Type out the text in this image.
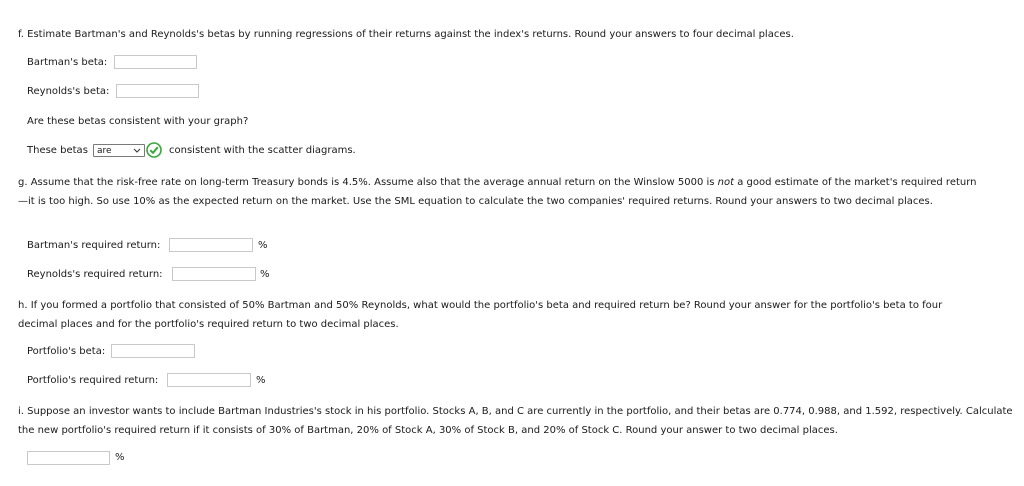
f. Estimate Bartman's and Reynolds's betas by running regressions of their returns against the index's returns. Round your answers to four decimal places.
Bartman's beta:
Reynolds's beta:
Are these betas consistent with your graph?
These betas are	consistent with the scatter diagrams.
g. Assume that the risk-free rate on long-term Treasury bonds is 4.5%. Assume also that the average annual return on the Winslow 5000 is not a good estimate of the market's required return—it is too high. So use 10% as the expected return on the market. Use the SML equation to calculate the two companies' required returns. Round your answers to two decimal places.
Bartman's required return:	%
Reynolds's required return:	%
h. If you formed a portfolio that consisted of 50% Bartman and 50% Reynolds, what would the portfolio's beta and required return be? Round your answer for the portfolio's beta to four decimal places and for the portfolio's required return to two decimal places.
Portfolio's beta:
Portfolio's required return:	%
i. Suppose an investor wants to include Bartman Industries's stock in his portfolio. Stocks A, B, and C are currently in the portfolio, and their betas are 0.774, 0.988, and 1.592, respectively. Calculate the new portfolio's required return if it consists of 30% of Bartman, 20% of Stock A, 30% of Stock B, and 20% of Stock C. Round your answer to two decimal places.
%
